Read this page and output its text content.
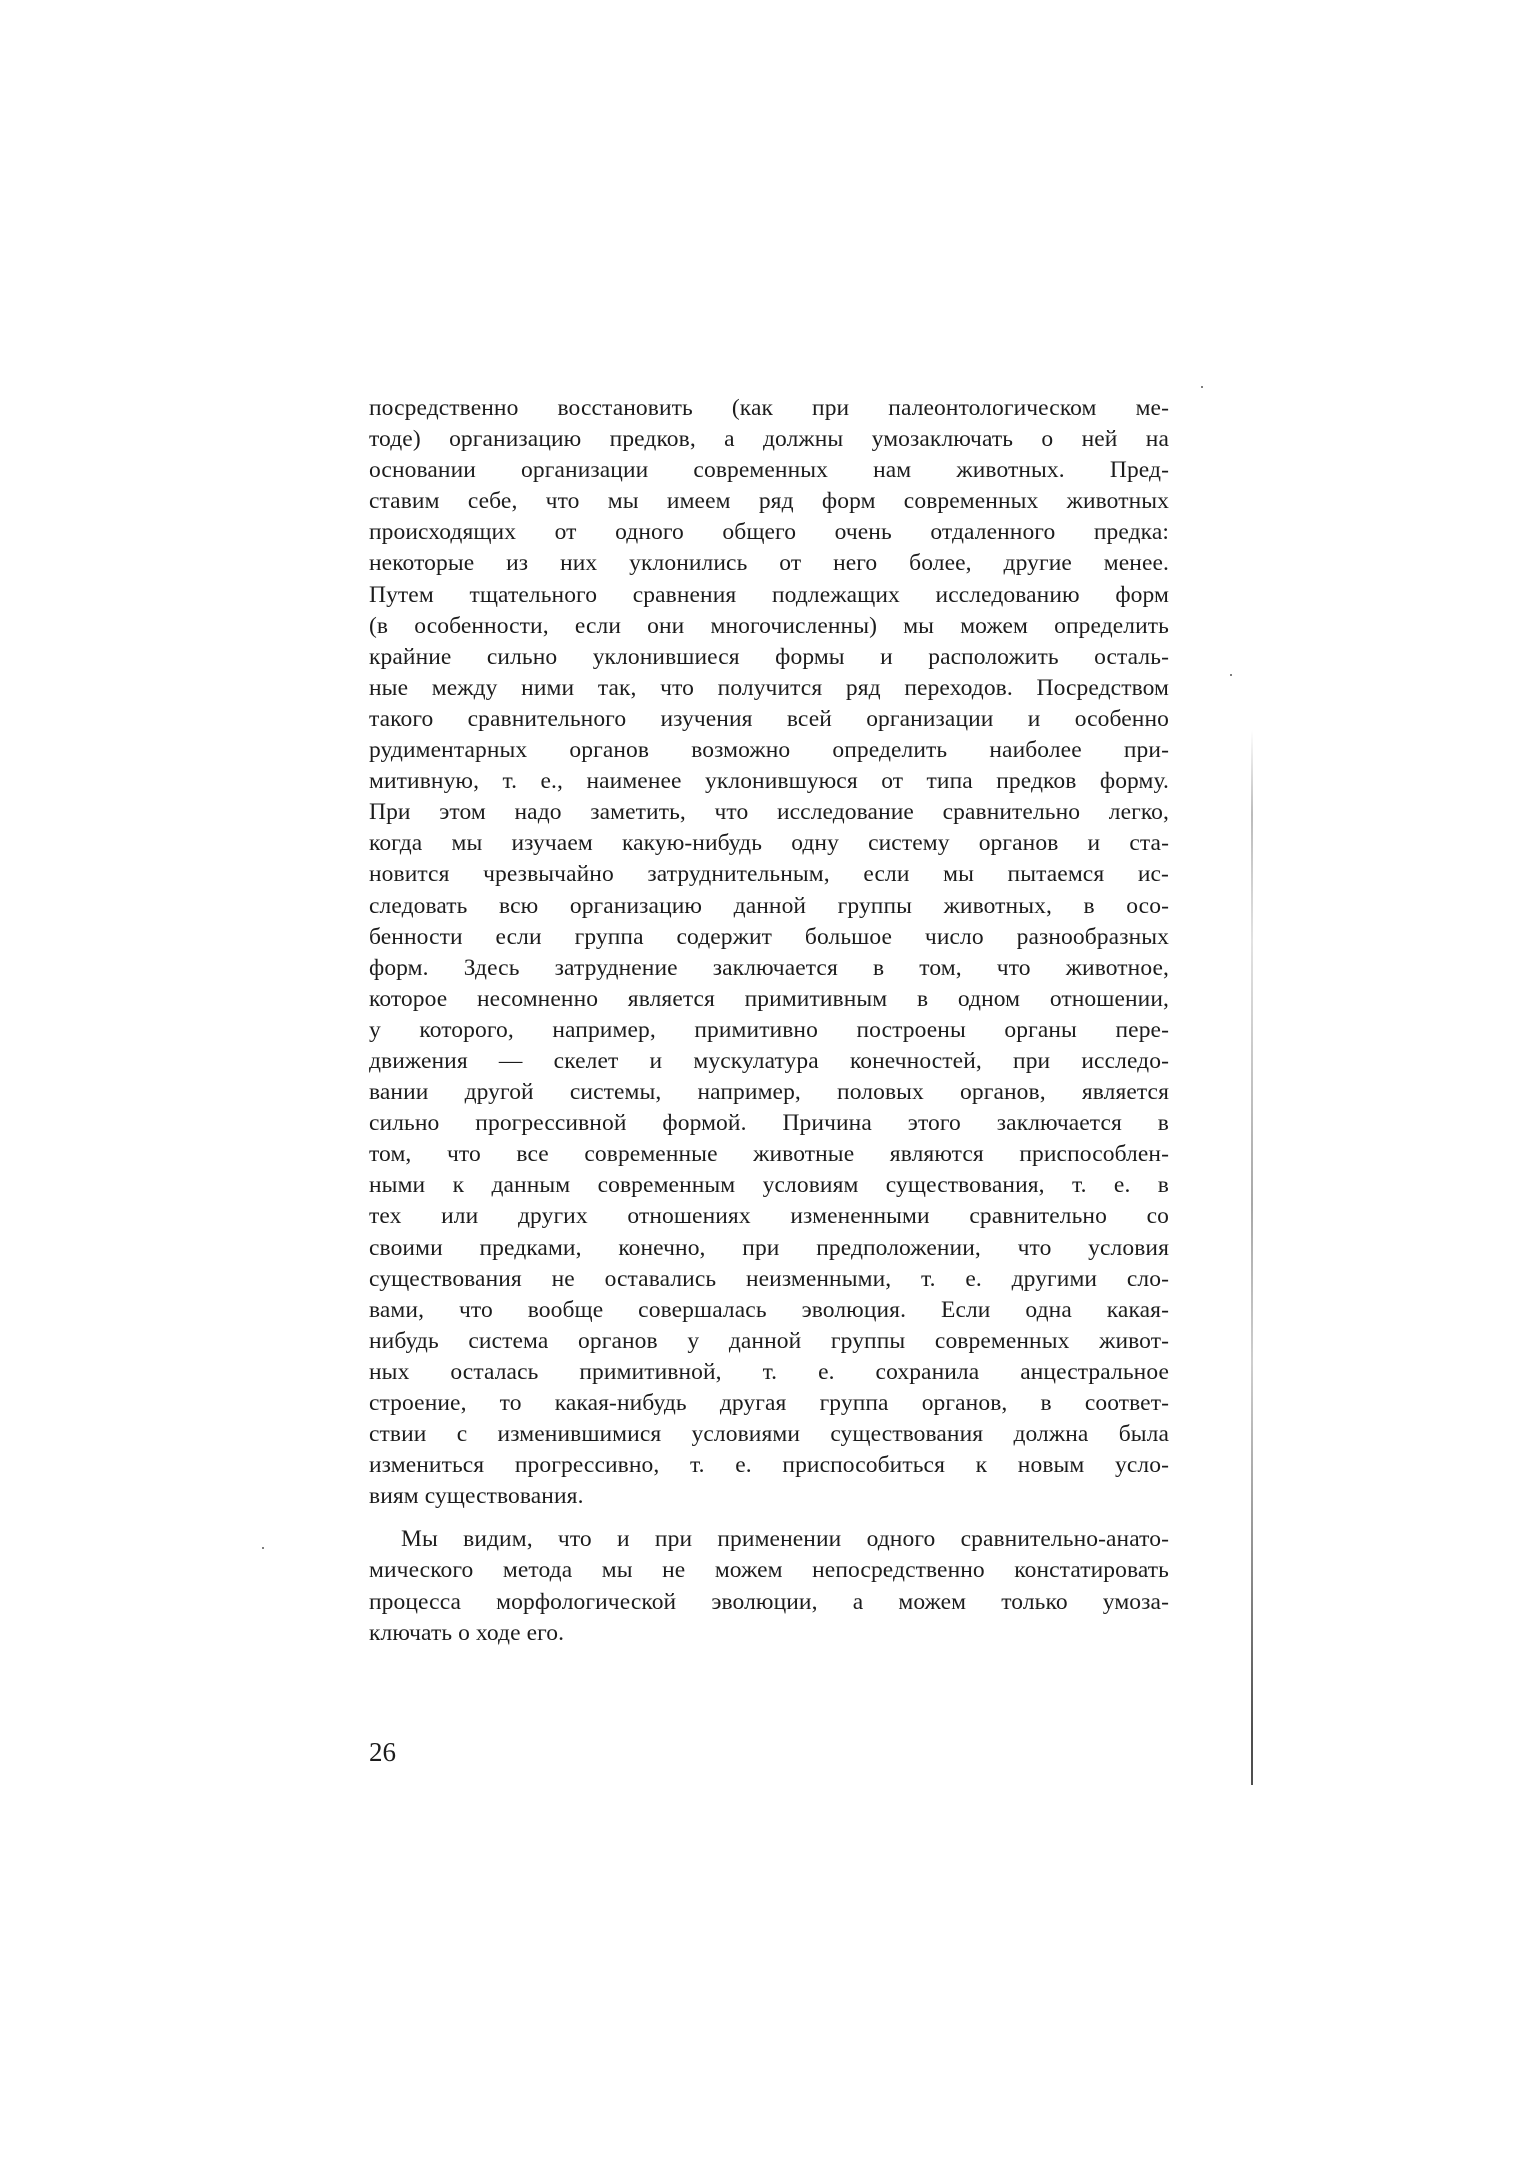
посредственно восстановить (как при палеонтологическом ме-
тоде) организацию предков, а должны умозаключать о ней на
основании организации современных нам животных. Пред-
ставим себе, что мы имеем ряд форм современных животных
происходящих от одного общего очень отдаленного предка:
некоторые из них уклонились от него более, другие менее.
Путем тщательного сравнения подлежащих исследованию форм
(в особенности, если они многочисленны) мы можем определить
крайние сильно уклонившиеся формы и расположить осталь-
ные между ними так, что получится ряд переходов. Посредством
такого сравнительного изучения всей организации и особенно
рудиментарных органов возможно определить наиболее при-
митивную, т. е., наименее уклонившуюся от типа предков форму.
При этом надо заметить, что исследование сравнительно легко,
когда мы изучаем какую-нибудь одну систему органов и ста-
новится чрезвычайно затруднительным, если мы пытаемся ис-
следовать всю организацию данной группы животных, в осо-
бенности если группа содержит большое число разнообразных
форм. Здесь затруднение заключается в том, что животное,
которое несомненно является примитивным в одном отношении,
у которого, например, примитивно построены органы пере-
движения — скелет и мускулатура конечностей, при исследо-
вании другой системы, например, половых органов, является
сильно прогрессивной формой. Причина этого заключается в
том, что все современные животные являются приспособлен-
ными к данным современным условиям существования, т. е. в
тех или других отношениях измененными сравнительно со
своими предками, конечно, при предположении, что условия
существования не оставались неизменными, т. е. другими сло-
вами, что вообще совершалась эволюция. Если одна какая-
нибудь система органов у данной группы современных живот-
ных осталась примитивной, т. е. сохранила анцестральное
строение, то какая-нибудь другая группа органов, в соответ-
ствии с изменившимися условиями существования должна была
измениться прогрессивно, т. е. приспособиться к новым усло-
виям существования.
Мы видим, что и при применении одного сравнительно-анато-
мического метода мы не можем непосредственно констатировать
процесса морфологической эволюции, а можем только умоза-
ключать о ходе его.
26
